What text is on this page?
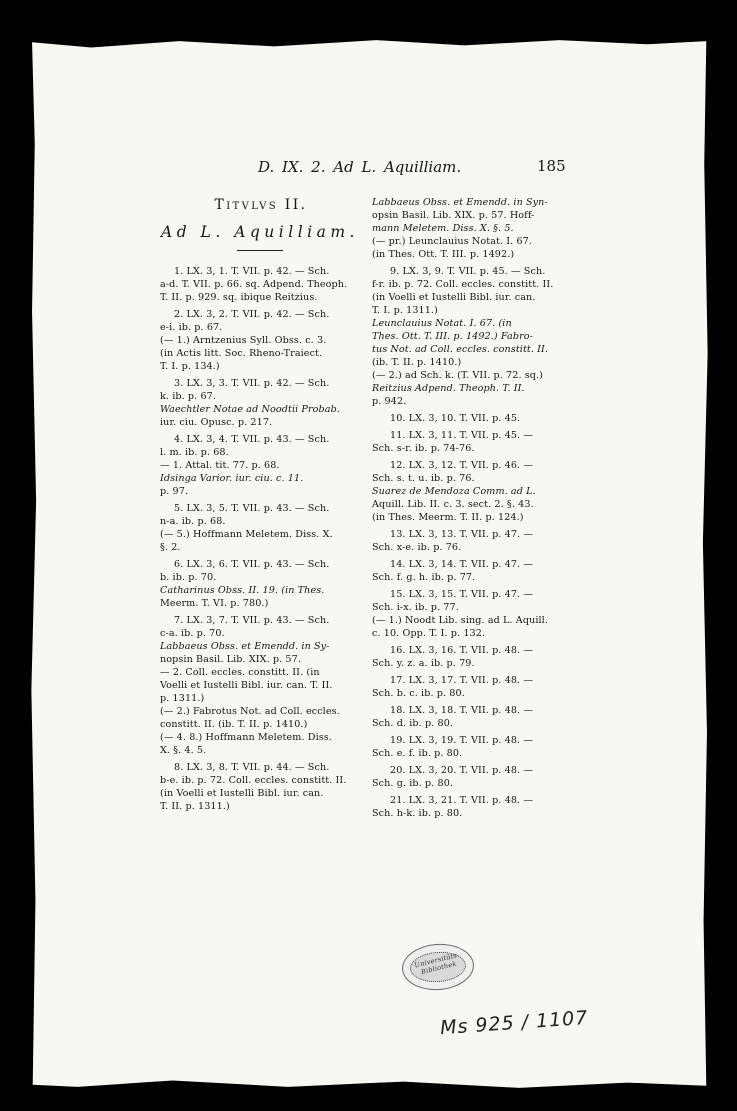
D. IX. 2. Ad L. Aquilliam.	185
Titvlvs II.
Ad L. Aquilliam.
1. LX. 3, 1. T. VII. p. 42. — Sch.
a-d. T. VII. p. 66. sq. Adpend. Theoph.
T. II. p. 929. sq. ibique Reitzius.
2. LX. 3, 2. T. VII. p. 42. — Sch.
e-i. ib. p. 67.
(— 1.) Arntzenius Syll. Obss. c. 3.
(in Actis litt. Soc. Rheno-Traiect.
T. I. p. 134.)
3. LX. 3, 3. T. VII. p. 42. — Sch.
k. ib. p. 67.
Waechtler Notae ad Noodtii Probab.
iur. ciu. Opusc. p. 217.
4. LX. 3, 4. T. VII. p. 43. — Sch.
l. m. ib. p. 68.
— 1. Attal. tit. 77. p. 68.
Idsinga Varior. iur. ciu. c. 11.
p. 97.
5. LX. 3, 5. T. VII. p. 43. — Sch.
n-a. ib. p. 68.
(— 5.) Hoffmann Meletem. Diss. X.
§. 2.
6. LX. 3, 6. T. VII. p. 43. — Sch.
b. ib. p. 70.
Catharinus Obss. II. 19. (in Thes.
Meerm. T. VI. p. 780.)
7. LX. 3, 7. T. VII. p. 43. — Sch.
c-a. ib. p. 70.
Labbaeus Obss. et Emendd. in Sy-
nopsin Basil. Lib. XIX. p. 57.
— 2. Coll. eccles. constitt. II. (in
Voelli et Iustelli Bibl. iur. can. T. II.
p. 1311.)
(— 2.) Fabrotus Not. ad Coll. eccles.
constitt. II. (ib. T. II. p. 1410.)
(— 4. 8.) Hoffmann Meletem. Diss.
X. §. 4. 5.
8. LX. 3, 8. T. VII. p. 44. — Sch.
b-e. ib. p. 72. Coll. eccles. constitt. II.
(in Voelli et Iustelli Bibl. iur. can.
T. II. p. 1311.)
Labbaeus Obss. et Emendd. in Syn-
opsin Basil. Lib. XIX. p. 57. Hoff-
mann Meletem. Diss. X. §. 5.
(— pr.) Leunclauius Notat. I. 67.
(in Thes. Ott. T. III. p. 1492.)
9. LX. 3, 9. T. VII. p. 45. — Sch.
f-r. ib. p. 72. Coll. eccles. constitt. II.
(in Voelli et Iustelli Bibl. iur. can.
T. I. p. 1311.)
Leunclauius Notat. I. 67. (in
Thes. Ott. T. III. p. 1492.) Fabro-
tus Not. ad Coll. eccles. constitt. II.
(ib. T. II. p. 1410.)
(— 2.) ad Sch. k. (T. VII. p. 72. sq.)
Reitzius Adpend. Theoph. T. II.
p. 942.
10. LX. 3, 10. T. VII. p. 45.
11. LX. 3, 11. T. VII. p. 45. —
Sch. s-r. ib. p. 74-76.
12. LX. 3, 12. T. VII. p. 46. —
Sch. s. t. u. ib. p. 76.
Suarez de Mendoza Comm. ad L.
Aquill. Lib. II. c. 3. sect. 2. §. 43.
(in Thes. Meerm. T. II. p. 124.)
13. LX. 3, 13. T. VII. p. 47. —
Sch. x-e. ib. p. 76.
14. LX. 3, 14. T. VII. p. 47. —
Sch. f. g. h. ib. p. 77.
15. LX. 3, 15. T. VII. p. 47. —
Sch. i-x. ib. p. 77.
(— 1.) Noodt Lib. sing. ad L. Aquill.
c. 10. Opp. T. I. p. 132.
16. LX. 3, 16. T. VII. p. 48. —
Sch. y. z. a. ib. p. 79.
17. LX. 3, 17. T. VII. p. 48. —
Sch. b. c. ib. p. 80.
18. LX. 3, 18. T. VII. p. 48. —
Sch. d. ib. p. 80.
19. LX. 3, 19. T. VII. p. 48. —
Sch. e. f. ib. p. 80.
20. LX. 3, 20. T. VII. p. 48. —
Sch. g. ib. p. 80.
21. LX. 3, 21. T. VII. p. 48. —
Sch. h-k. ib. p. 80.
Universitäts-Bibliothek
Ms 925 / 1107
